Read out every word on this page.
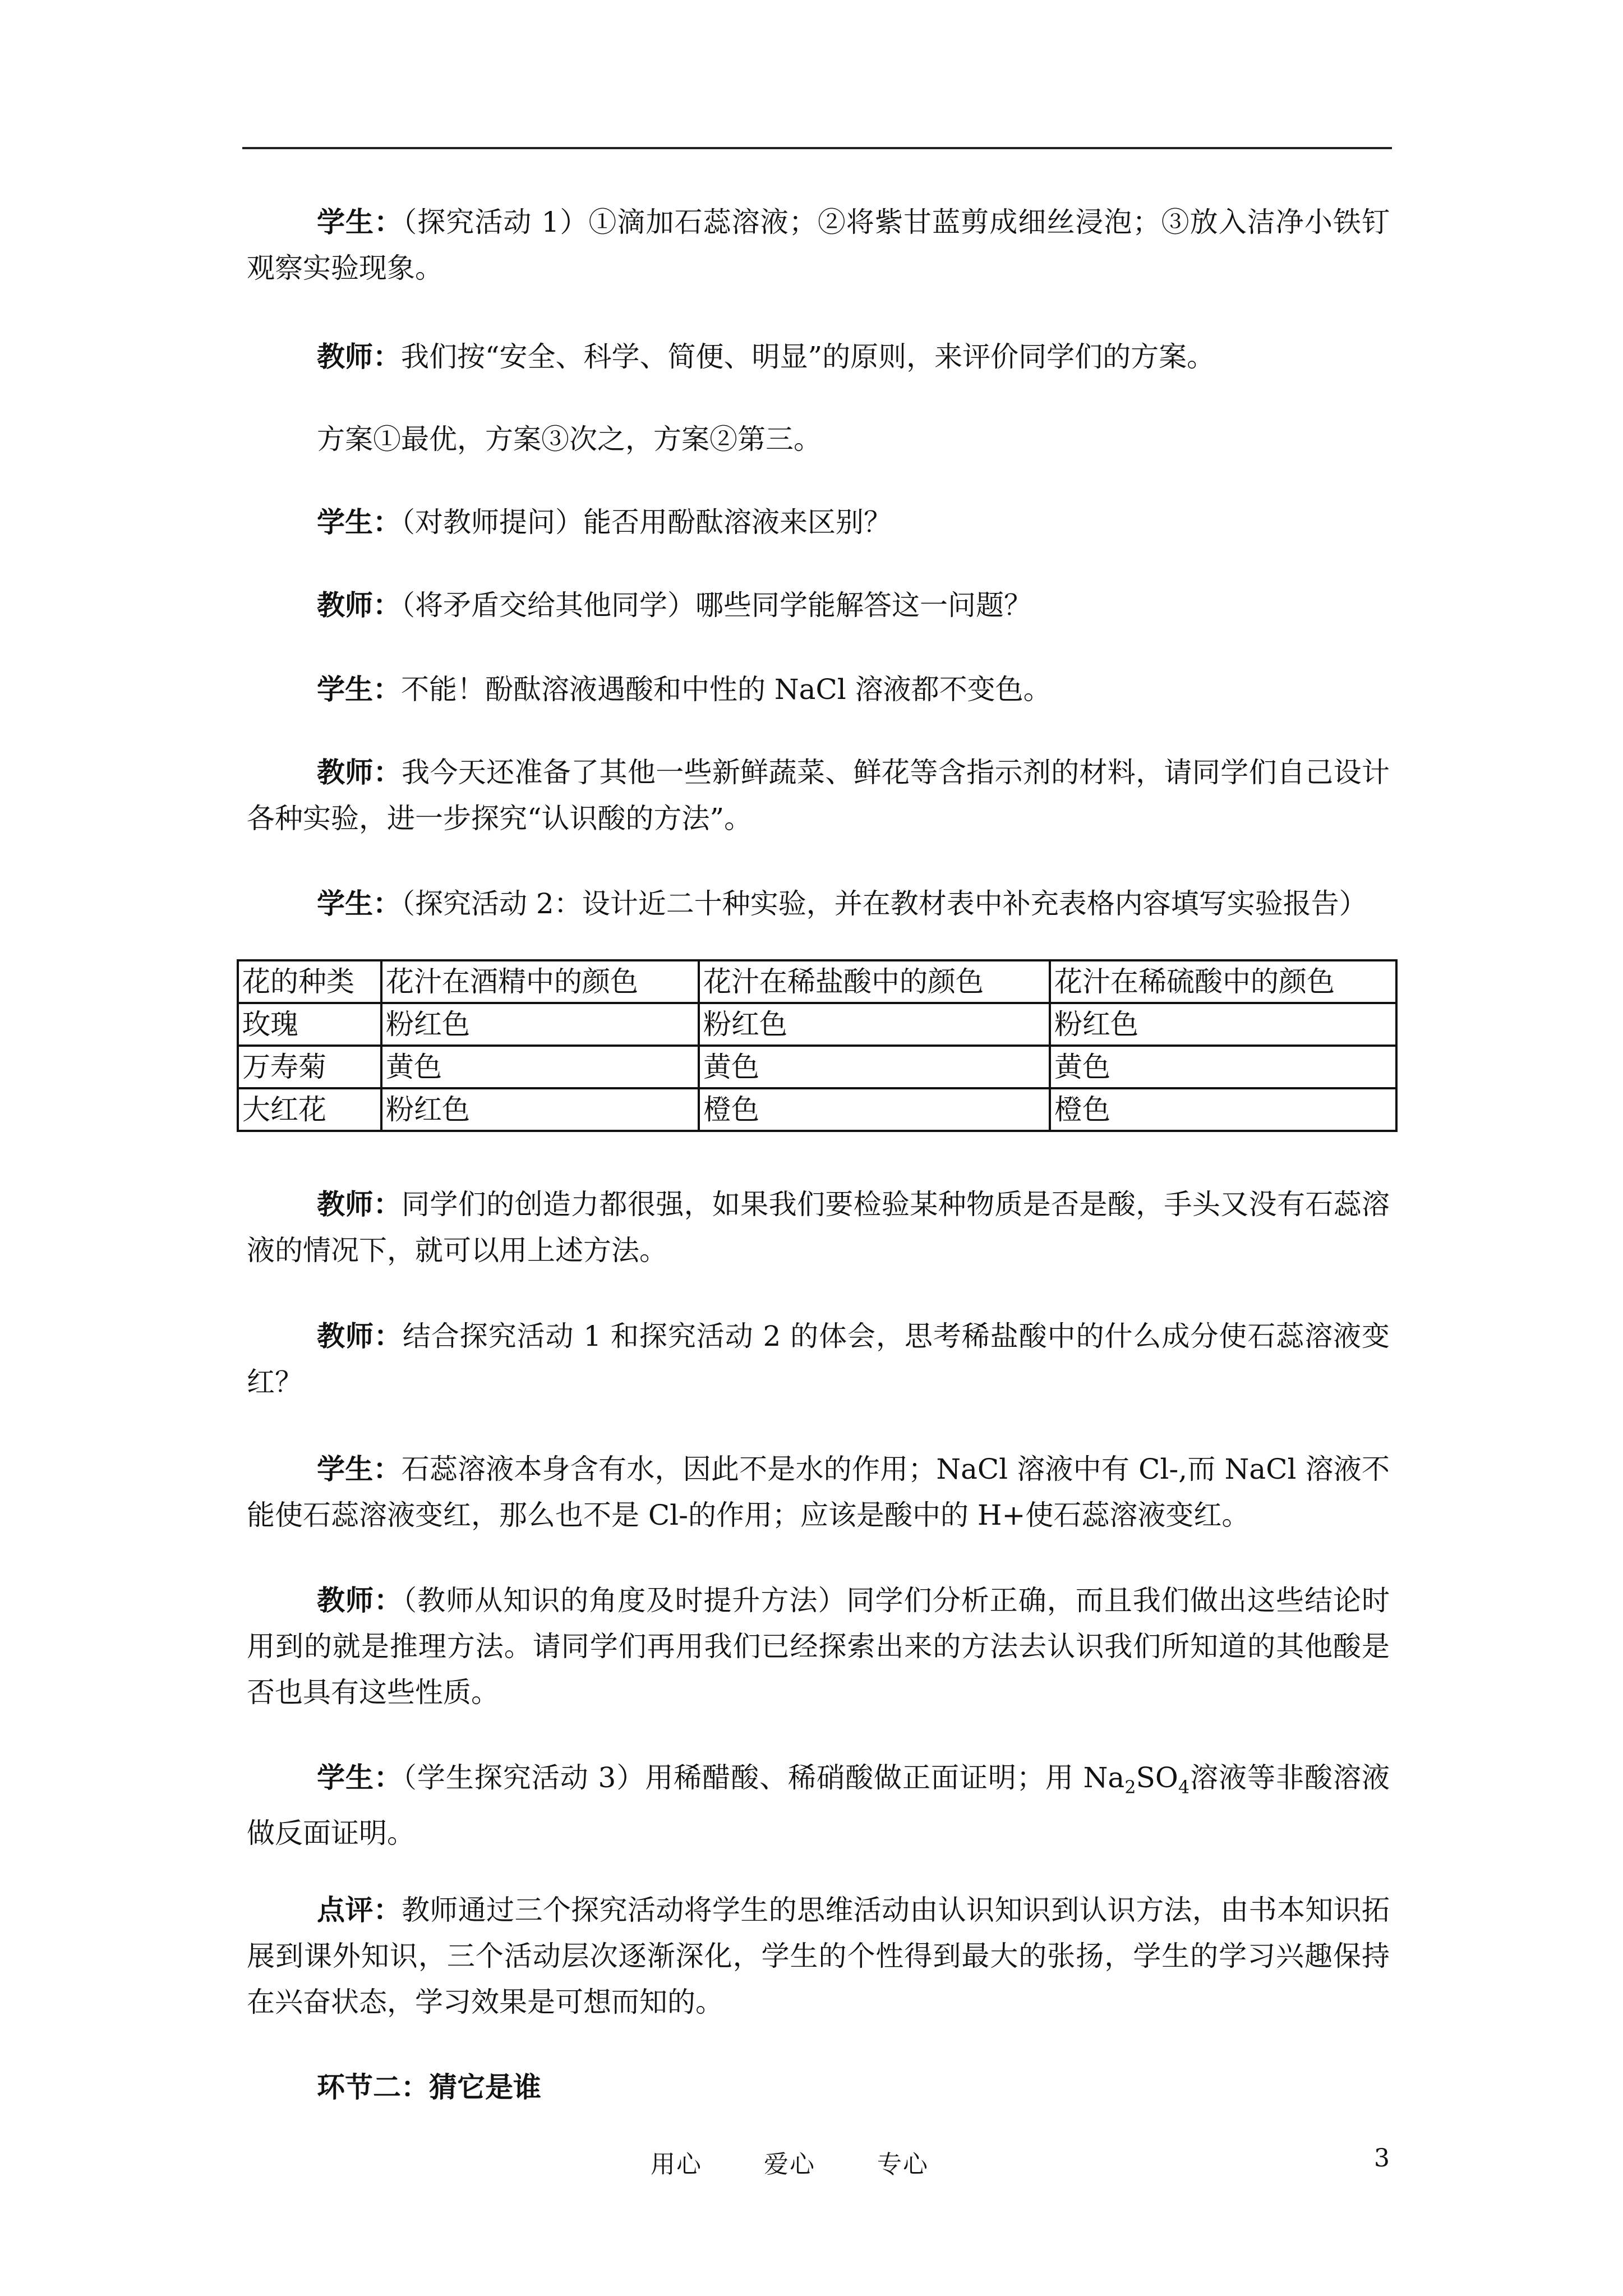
学生：（探究活动 1）①滴加石蕊溶液；②将紫甘蓝剪成细丝浸泡；③放入洁净小铁钉观察实验现象。

教师：我们按“安全、科学、简便、明显”的原则，来评价同学们的方案。

方案①最优，方案③次之，方案②第三。

学生：（对教师提问）能否用酚酞溶液来区别？

教师：（将矛盾交给其他同学）哪些同学能解答这一问题？

学生：不能！酚酞溶液遇酸和中性的 NaCl 溶液都不变色。

教师：我今天还准备了其他一些新鲜蔬菜、鲜花等含指示剂的材料，请同学们自己设计各种实验，进一步探究“认识酸的方法”。

学生：（探究活动 2：设计近二十种实验，并在教材表中补充表格内容填写实验报告）

花的种类	花汁在酒精中的颜色	花汁在稀盐酸中的颜色	花汁在稀硫酸中的颜色
玫瑰	粉红色	粉红色	粉红色
万寿菊	黄色	黄色	黄色
大红花	粉红色	橙色	橙色

教师：同学们的创造力都很强，如果我们要检验某种物质是否是酸，手头又没有石蕊溶液的情况下，就可以用上述方法。

教师：结合探究活动 1 和探究活动 2 的体会，思考稀盐酸中的什么成分使石蕊溶液变红？

学生：石蕊溶液本身含有水，因此不是水的作用；NaCl 溶液中有 Cl-,而 NaCl 溶液不能使石蕊溶液变红，那么也不是 Cl-的作用；应该是酸中的 H+使石蕊溶液变红。

教师：（教师从知识的角度及时提升方法）同学们分析正确，而且我们做出这些结论时用到的就是推理方法。请同学们再用我们已经探索出来的方法去认识我们所知道的其他酸是否也具有这些性质。

学生：（学生探究活动 3）用稀醋酸、稀硝酸做正面证明；用 $Na_2SO_4$溶液等非酸溶液做反面证明。

点评：教师通过三个探究活动将学生的思维活动由认识知识到认识方法，由书本知识拓展到课外知识，三个活动层次逐渐深化，学生的个性得到最大的张扬，学生的学习兴趣保持在兴奋状态，学习效果是可想而知的。

环节二：猜它是谁

用心	爱心	专心	3
